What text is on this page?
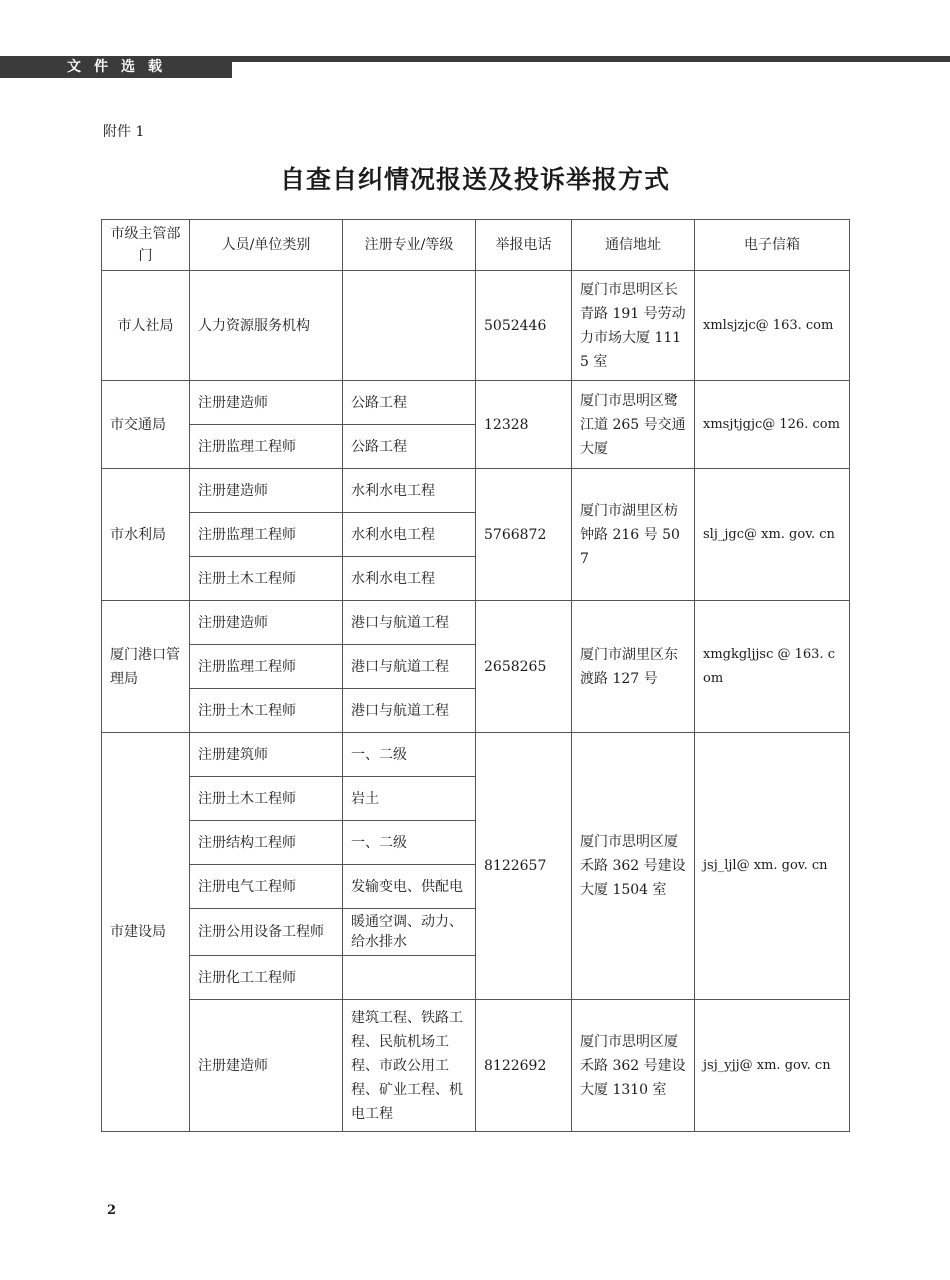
文件选载
附件 1
自查自纠情况报送及投诉举报方式
市级主管部门	人员/单位类别	注册专业/等级	举报电话	通信地址	电子信箱
市人社局	人力资源服务机构		5052446	厦门市思明区长青路 191 号劳动力市场大厦 1115 室	xmlsjzjc@ 163. com
市交通局	注册建造师	公路工程	12328	厦门市思明区鹭江道 265 号交通大厦	xmsjtjgjc@ 126. com
	注册监理工程师	公路工程			
市水利局	注册建造师	水利水电工程	5766872	厦门市湖里区枋钟路 216 号 507	slj_jgc@ xm. gov. cn
	注册监理工程师	水利水电工程			
	注册土木工程师	水利水电工程			
厦门港口管理局	注册建造师	港口与航道工程	2658265	厦门市湖里区东渡路 127 号	xmgkgljjsc @ 163. com
	注册监理工程师	港口与航道工程			
	注册土木工程师	港口与航道工程			
市建设局	注册建筑师	一、二级	8122657	厦门市思明区厦禾路 362 号建设大厦 1504 室	jsj_ljl@ xm. gov. cn
	注册土木工程师	岩土			
	注册结构工程师	一、二级			
	注册电气工程师	发输变电、供配电			
	注册公用设备工程师	暖通空调、动力、给水排水			
	注册化工工程师				
	注册建造师	建筑工程、铁路工程、民航机场工程、市政公用工程、矿业工程、机电工程	8122692	厦门市思明区厦禾路 362 号建设大厦 1310 室	jsj_yjj@ xm. gov. cn
2
